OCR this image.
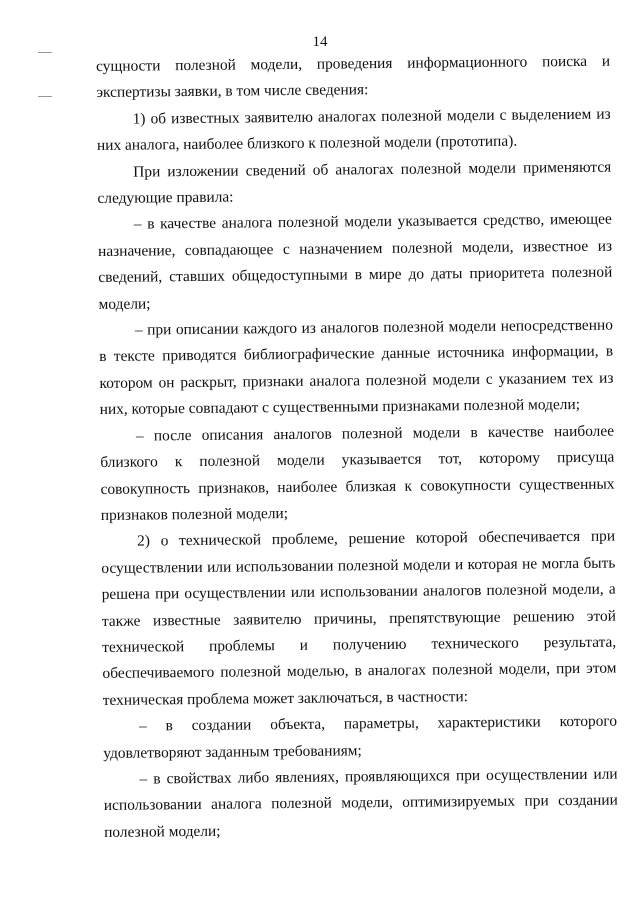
14

сущности полезной модели, проведения информационного поиска и экспертизы заявки, в том числе сведения:

1) об известных заявителю аналогах полезной модели с выделением из них аналога, наиболее близкого к полезной модели (прототипа).

При изложении сведений об аналогах полезной модели применяются следующие правила:

– в качестве аналога полезной модели указывается средство, имеющее назначение, совпадающее с назначением полезной модели, известное из сведений, ставших общедоступными в мире до даты приоритета полезной модели;

– при описании каждого из аналогов полезной модели непосредственно в тексте приводятся библиографические данные источника информации, в котором он раскрыт, признаки аналога полезной модели с указанием тех из них, которые совпадают с существенными признаками полезной модели;

– после описания аналогов полезной модели в качестве наиболее близкого к полезной модели указывается тот, которому присуща совокупность признаков, наиболее близкая к совокупности существенных признаков полезной модели;

2) о технической проблеме, решение которой обеспечивается при осуществлении или использовании полезной модели и которая не могла быть решена при осуществлении или использовании аналогов полезной модели, а также известные заявителю причины, препятствующие решению этой технической проблемы и получению технического результата, обеспечиваемого полезной моделью, в аналогах полезной модели, при этом техническая проблема может заключаться, в частности:

– в создании объекта, параметры, характеристики которого удовлетворяют заданным требованиям;

– в свойствах либо явлениях, проявляющихся при осуществлении или использовании аналога полезной модели, оптимизируемых при создании полезной модели;
